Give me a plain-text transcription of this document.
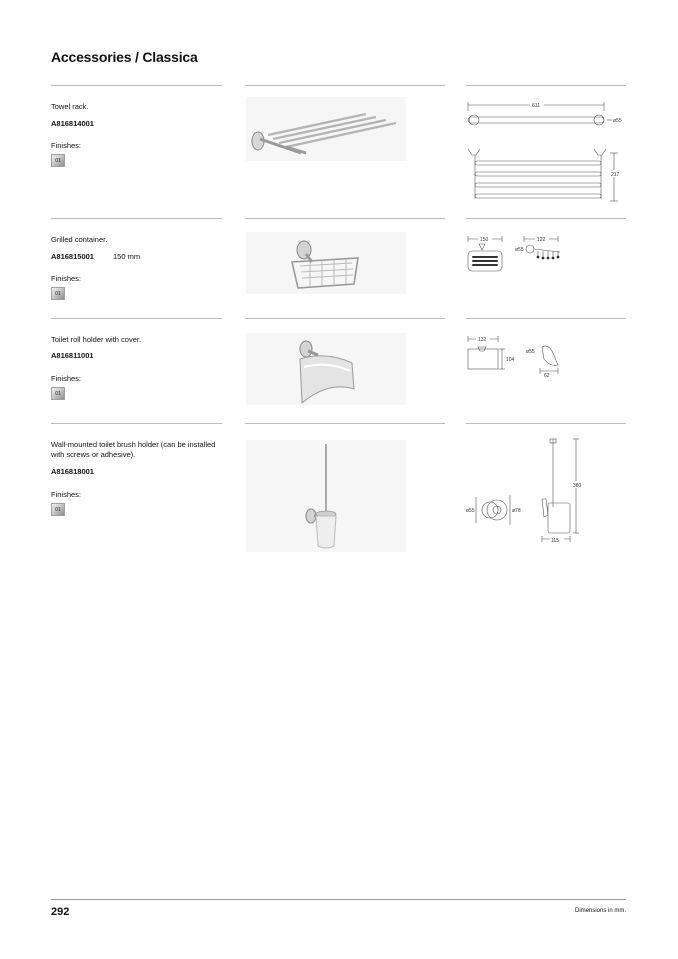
Accessories / Classica
Towel rack.
A816814001
Finishes:
01
611
ø55
217
Grilled container.
A816815001	150 mm
Finishes:
01
150	122
ø55
Toilet roll holder with cover.
A816811001
Finishes:
01
132
104
ø55
62
Wall-mounted toilet brush holder (can be installed with screws or adhesive).
A816818001
Finishes:
01
380
ø55	ø78
115
292	Dimensions in mm.
